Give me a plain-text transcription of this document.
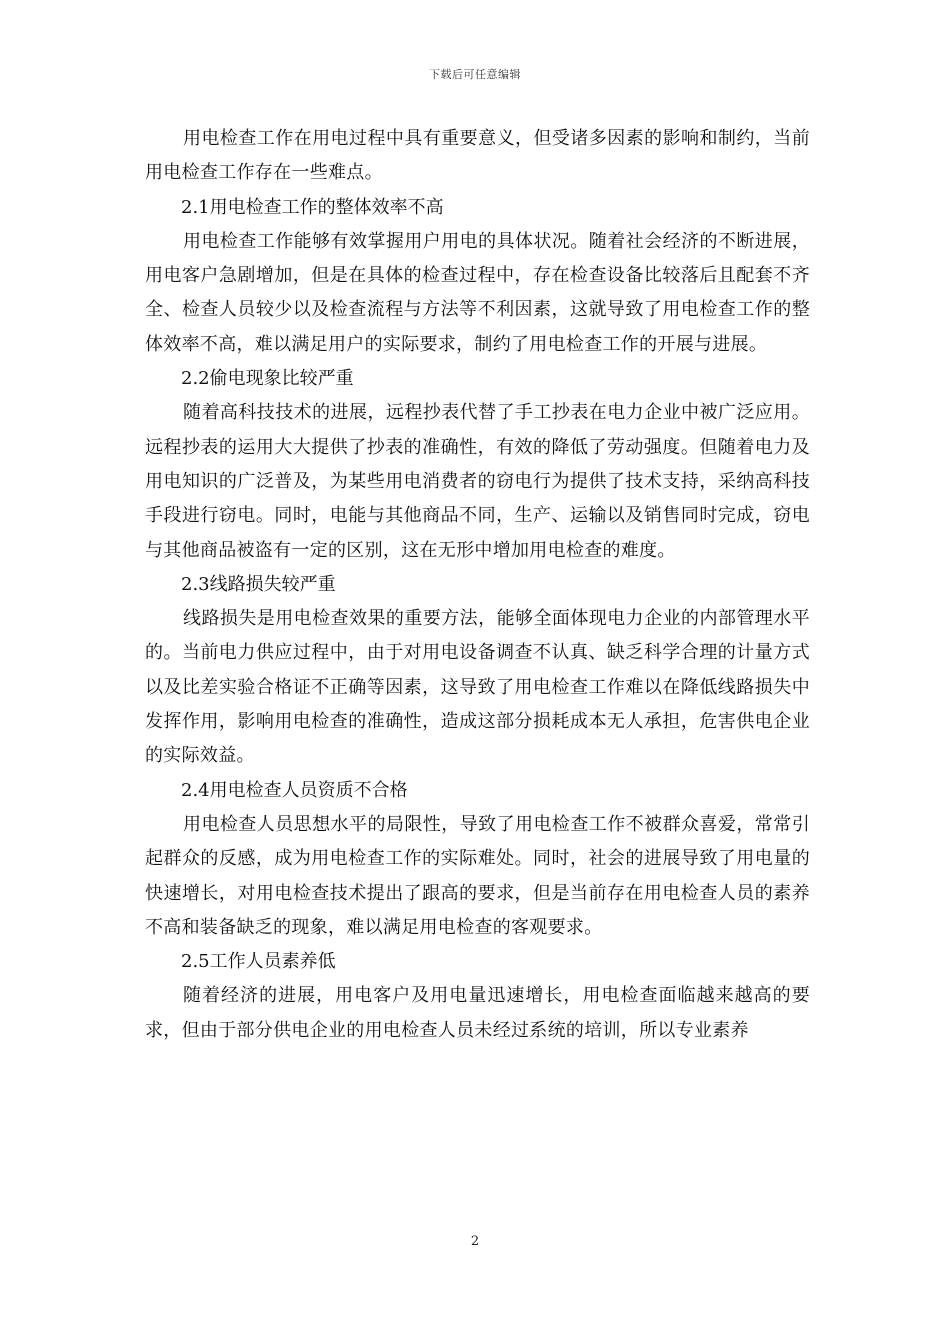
下载后可任意编辑

用电检查工作在用电过程中具有重要意义，但受诸多因素的影响和制约，当前用电检查工作存在一些难点。

2.1用电检查工作的整体效率不高

用电检查工作能够有效掌握用户用电的具体状况。随着社会经济的不断进展，用电客户急剧增加，但是在具体的检查过程中，存在检查设备比较落后且配套不齐全、检查人员较少以及检查流程与方法等不利因素，这就导致了用电检查工作的整体效率不高，难以满足用户的实际要求，制约了用电检查工作的开展与进展。

2.2偷电现象比较严重

随着高科技技术的进展，远程抄表代替了手工抄表在电力企业中被广泛应用。远程抄表的运用大大提供了抄表的准确性，有效的降低了劳动强度。但随着电力及用电知识的广泛普及，为某些用电消费者的窃电行为提供了技术支持，采纳高科技手段进行窃电。同时，电能与其他商品不同，生产、运输以及销售同时完成，窃电与其他商品被盗有一定的区别，这在无形中增加用电检查的难度。

2.3线路损失较严重

线路损失是用电检查效果的重要方法，能够全面体现电力企业的内部管理水平的。当前电力供应过程中，由于对用电设备调查不认真、缺乏科学合理的计量方式以及比差实验合格证不正确等因素，这导致了用电检查工作难以在降低线路损失中发挥作用，影响用电检查的准确性，造成这部分损耗成本无人承担，危害供电企业的实际效益。

2.4用电检查人员资质不合格

用电检查人员思想水平的局限性，导致了用电检查工作不被群众喜爱，常常引起群众的反感，成为用电检查工作的实际难处。同时，社会的进展导致了用电量的快速增长，对用电检查技术提出了跟高的要求，但是当前存在用电检查人员的素养不高和装备缺乏的现象，难以满足用电检查的客观要求。

2.5工作人员素养低

随着经济的进展，用电客户及用电量迅速增长，用电检查面临越来越高的要求，但由于部分供电企业的用电检查人员未经过系统的培训，所以专业素养

2
